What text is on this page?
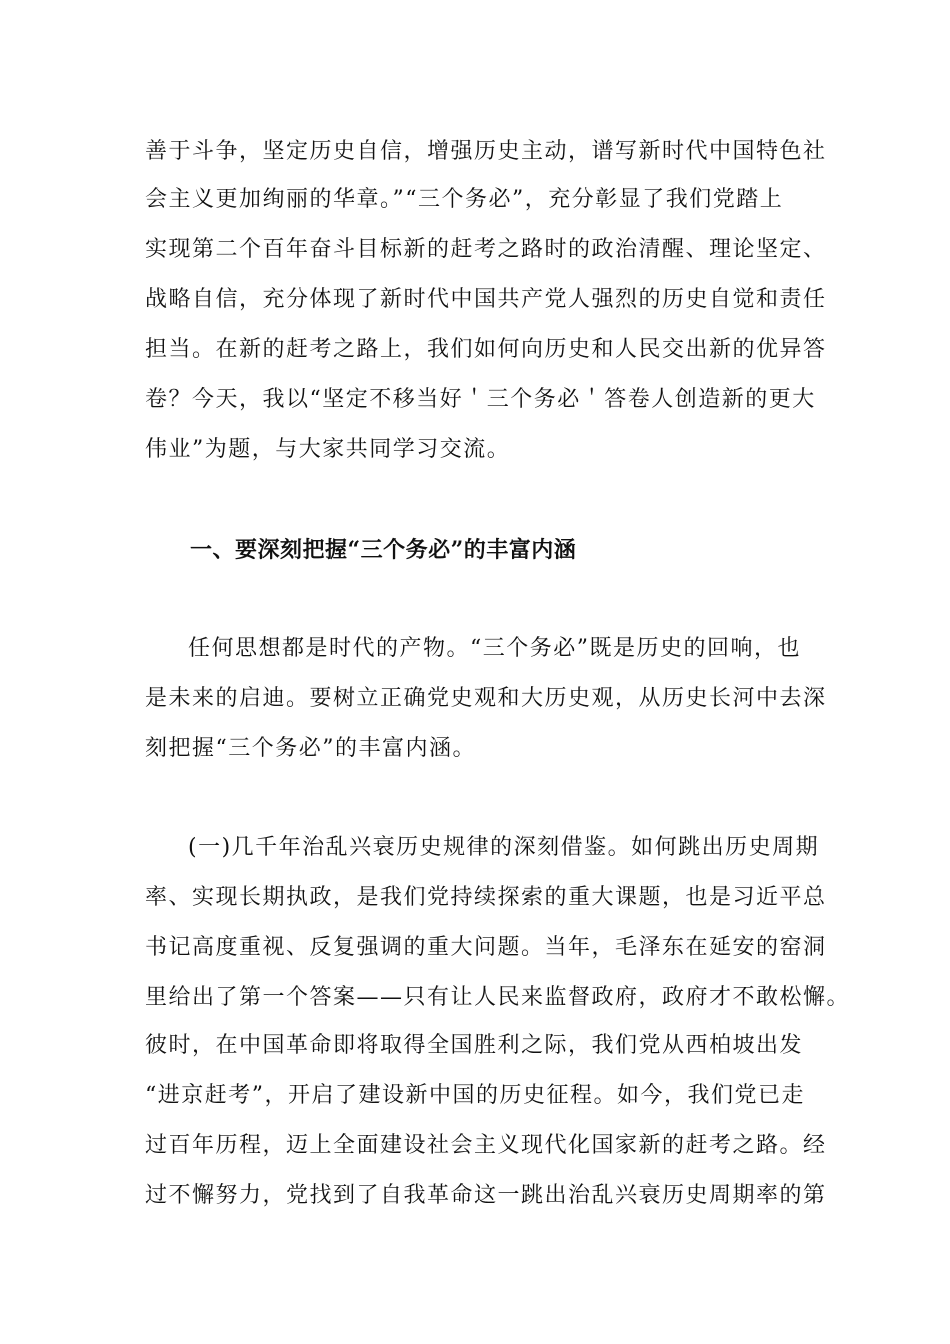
善于斗争，坚定历史自信，增强历史主动，谱写新时代中国特色社
会主义更加绚丽的华章。”“三个务必”，充分彰显了我们党踏上
实现第二个百年奋斗目标新的赶考之路时的政治清醒、理论坚定、
战略自信，充分体现了新时代中国共产党人强烈的历史自觉和责任
担当。在新的赶考之路上，我们如何向历史和人民交出新的优异答
卷？今天，我以“坚定不移当好＇三个务必＇答卷人创造新的更大
伟业”为题，与大家共同学习交流。
一、要深刻把握“三个务必”的丰富内涵
任何思想都是时代的产物。“三个务必”既是历史的回响，也
是未来的启迪。要树立正确党史观和大历史观，从历史长河中去深
刻把握“三个务必”的丰富内涵。
(一)几千年治乱兴衰历史规律的深刻借鉴。如何跳出历史周期
率、实现长期执政，是我们党持续探索的重大课题，也是习近平总
书记高度重视、反复强调的重大问题。当年，毛泽东在延安的窑洞
里给出了第一个答案——只有让人民来监督政府，政府才不敢松懈。
彼时，在中国革命即将取得全国胜利之际，我们党从西柏坡出发
“进京赶考”，开启了建设新中国的历史征程。如今，我们党已走
过百年历程，迈上全面建设社会主义现代化国家新的赶考之路。经
过不懈努力，党找到了自我革命这一跳出治乱兴衰历史周期率的第
